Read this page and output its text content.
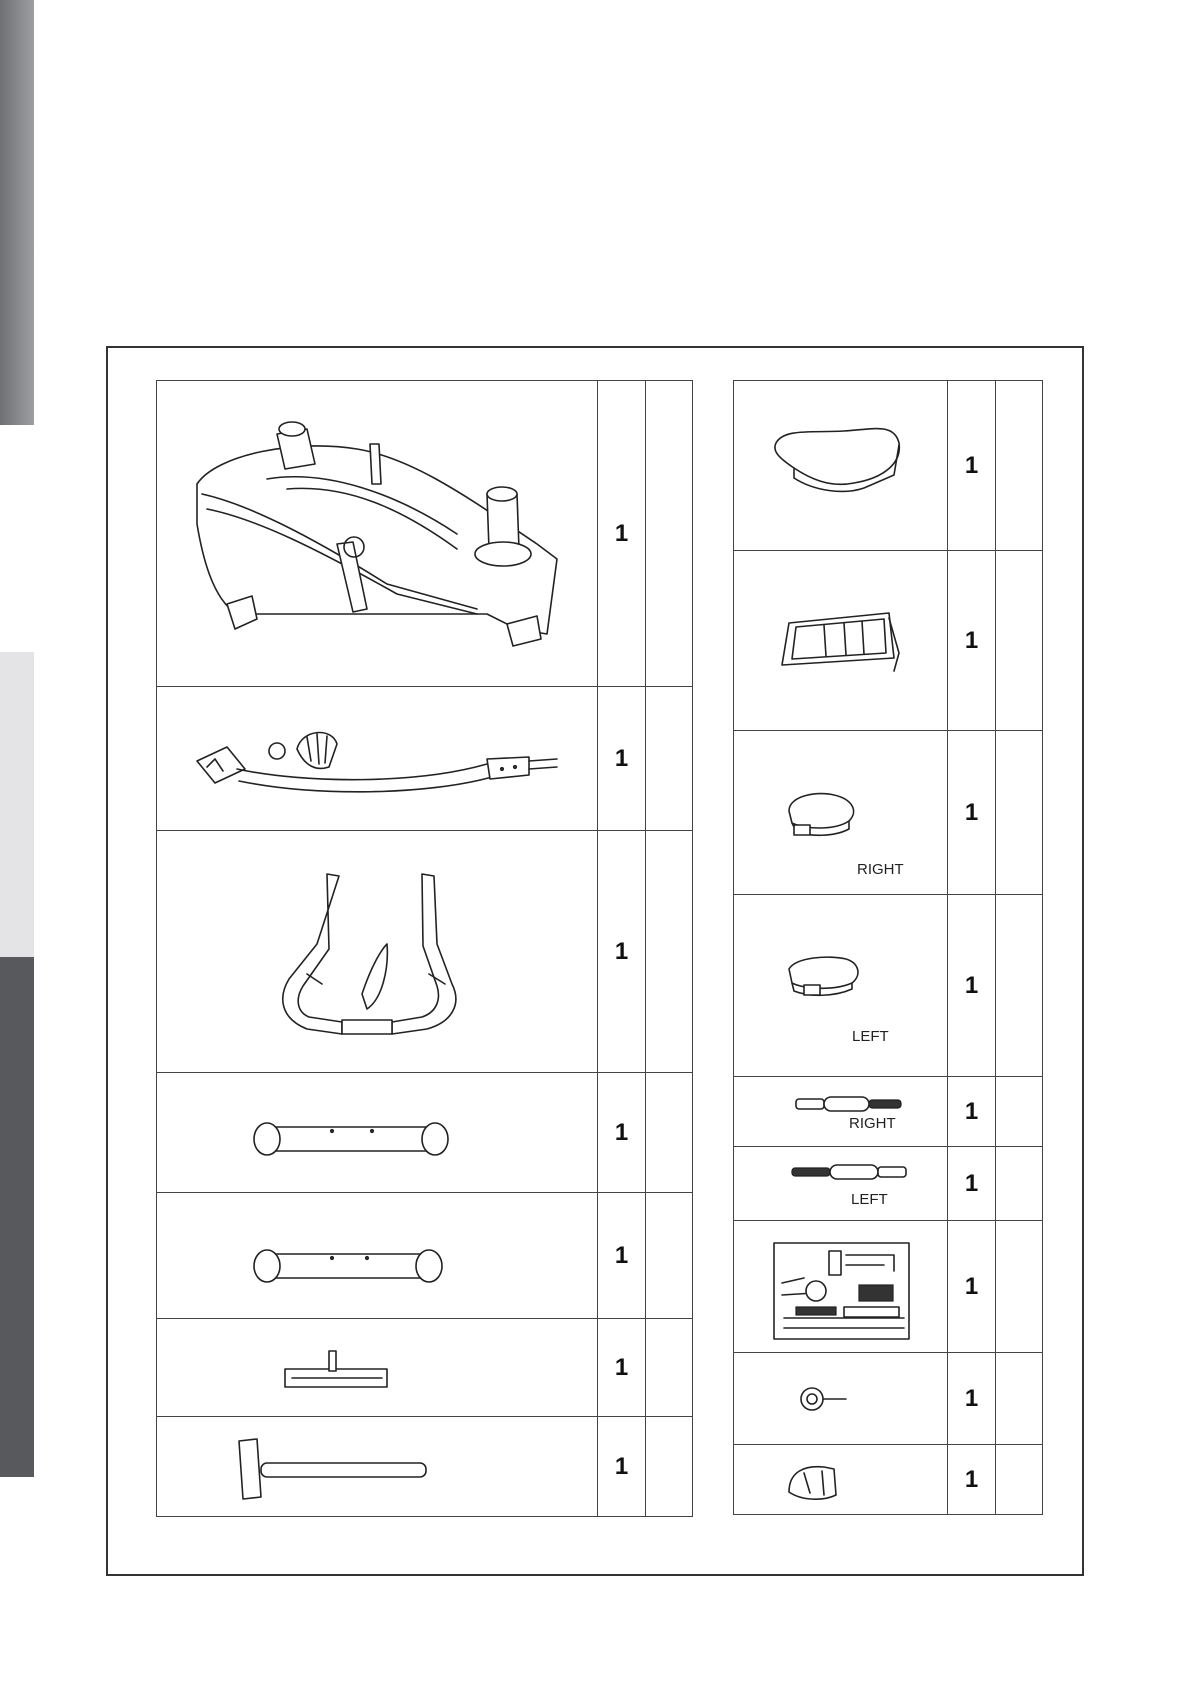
	1	

	1	

	1	

	1	

	1	

	1	

	1	
	1	

	1	

RIGHT	1	

LEFT	1	

RIGHT	1	

LEFT	1	

	1	

	1	

	1	
